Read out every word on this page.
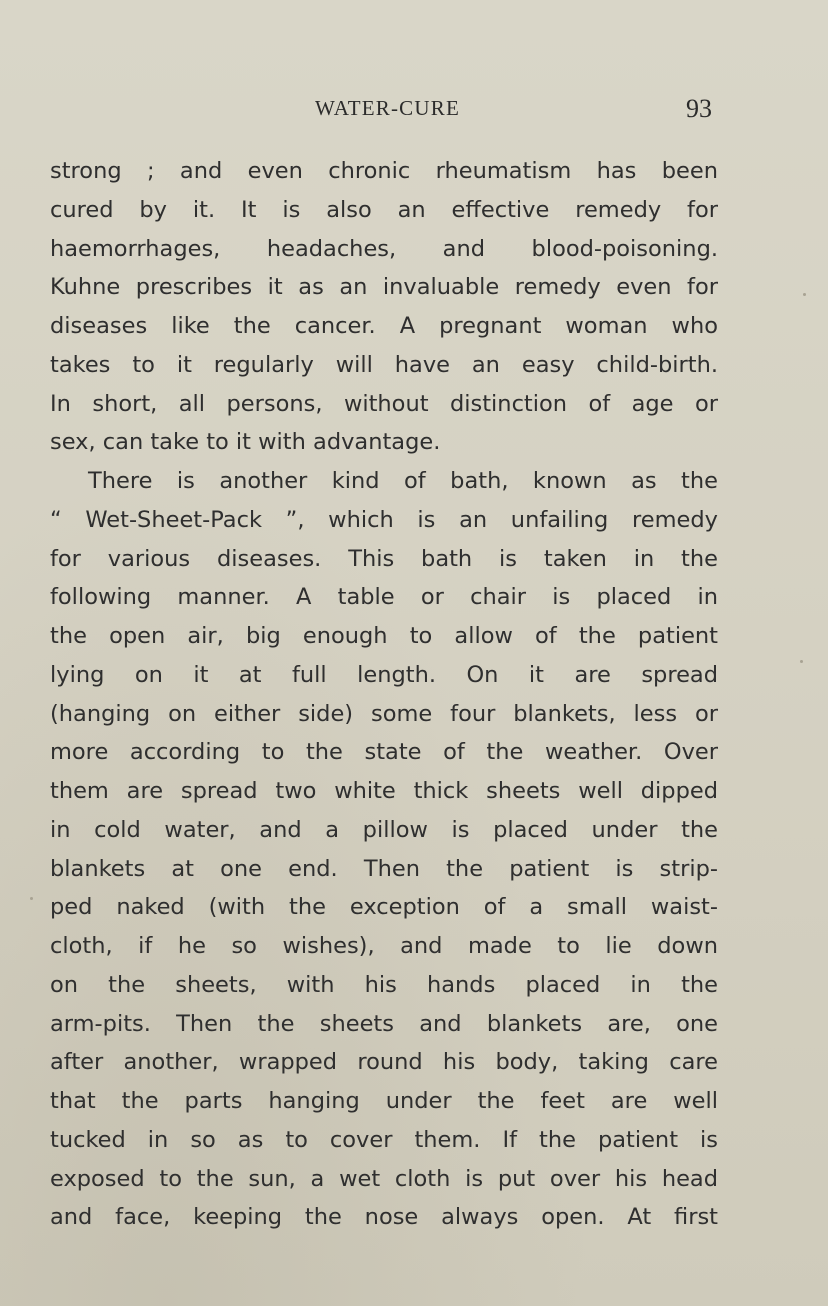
WATER-CURE	93
strong ; and even chronic rheumatism has been
cured by it. It is also an effective remedy for
haemorrhages, headaches, and blood-poisoning.
Kuhne prescribes it as an invaluable remedy even for
diseases like the cancer. A pregnant woman who
takes to it regularly will have an easy child-birth.
In short, all persons, without distinction of age or
sex, can take to it with advantage.
There is another kind of bath, known as the
“ Wet-Sheet-Pack ”, which is an unfailing remedy
for various diseases. This bath is taken in the
following manner. A table or chair is placed in
the open air, big enough to allow of the patient
lying on it at full length. On it are spread
(hanging on either side) some four blankets, less or
more according to the state of the weather. Over
them are spread two white thick sheets well dipped
in cold water, and a pillow is placed under the
blankets at one end. Then the patient is strip-
ped naked (with the exception of a small waist-
cloth, if he so wishes), and made to lie down
on the sheets, with his hands placed in the
arm-pits. Then the sheets and blankets are, one
after another, wrapped round his body, taking care
that the parts hanging under the feet are well
tucked in so as to cover them. If the patient is
exposed to the sun, a wet cloth is put over his head
and face, keeping the nose always open. At first
